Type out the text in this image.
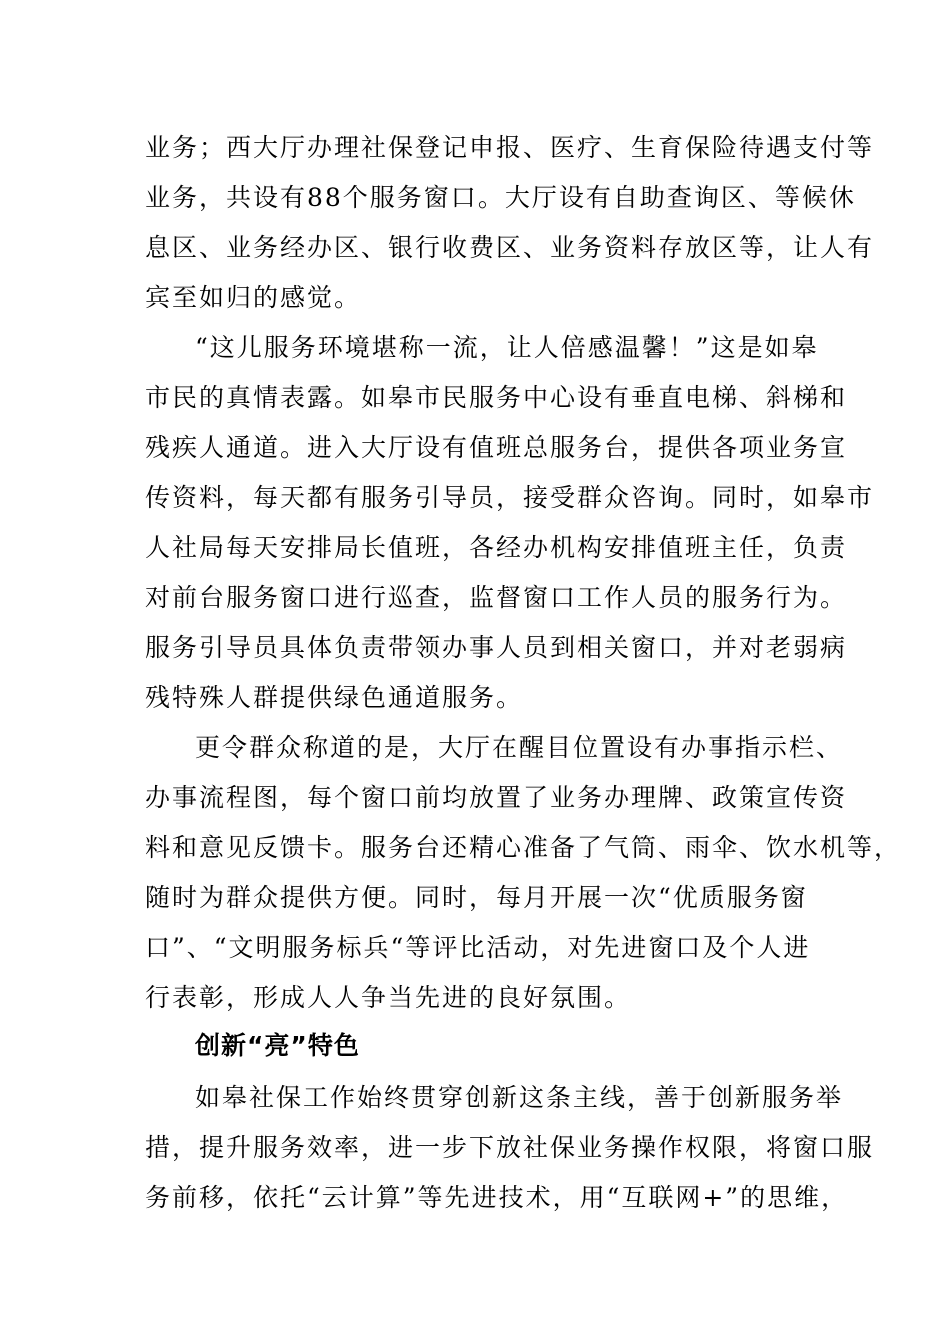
业务；西大厅办理社保登记申报、医疗、生育保险待遇支付等
业务，共设有88个服务窗口。大厅设有自助查询区、等候休
息区、业务经办区、银行收费区、业务资料存放区等，让人有
宾至如归的感觉。
“这儿服务环境堪称一流，让人倍感温馨！”这是如皋
市民的真情表露。如皋市民服务中心设有垂直电梯、斜梯和
残疾人通道。进入大厅设有值班总服务台，提供各项业务宣
传资料，每天都有服务引导员，接受群众咨询。同时，如皋市
人社局每天安排局长值班，各经办机构安排值班主任，负责
对前台服务窗口进行巡查，监督窗口工作人员的服务行为。
服务引导员具体负责带领办事人员到相关窗口，并对老弱病
残特殊人群提供绿色通道服务。
更令群众称道的是，大厅在醒目位置设有办事指示栏、
办事流程图，每个窗口前均放置了业务办理牌、政策宣传资
料和意见反馈卡。服务台还精心准备了气筒、雨伞、饮水机等，
随时为群众提供方便。同时，每月开展一次“优质服务窗
口”、“文明服务标兵“等评比活动，对先进窗口及个人进
行表彰，形成人人争当先进的良好氛围。
创新“亮”特色
如皋社保工作始终贯穿创新这条主线，善于创新服务举
措，提升服务效率，进一步下放社保业务操作权限，将窗口服
务前移，依托“云计算”等先进技术，用“互联网+”的思维，
